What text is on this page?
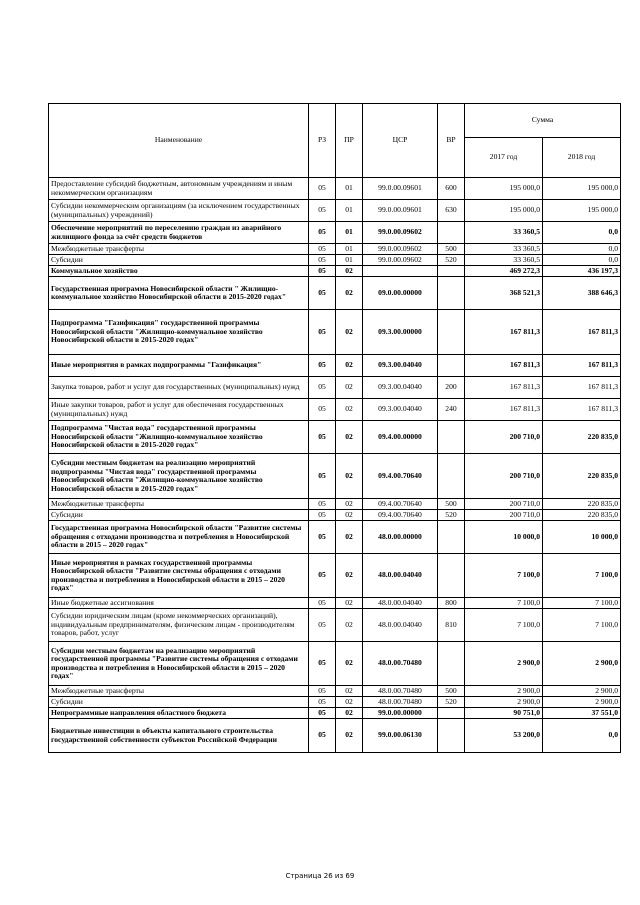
Наименование	РЗ	ПР	ЦСР	ВР	Сумма	
					2017 год	2018 год
Предоставление субсидий бюджетным, автономным учреждениям и иным некоммерческим организациям	05	01	99.0.00.09601	600	195 000,0	195 000,0
Субсидии некоммерческим организациям (за исключением государственных (муниципальных) учреждений)	05	01	99.0.00.09601	630	195 000,0	195 000,0
Обеспечение мероприятий по переселению граждан из аварийного жилищного фонда за счёт средств бюджетов	05	01	99.0.00.09602		33 360,5	0,0
Межбюджетные трансферты	05	01	99.0.00.09602	500	33 360,5	0,0
Субсидии	05	01	99.0.00.09602	520	33 360,5	0,0
Коммунальное хозяйство	05	02			469 272,3	436 197,3
Государственная программа Новосибирской области " Жилищно-коммунальное хозяйство Новосибирской области в 2015-2020 годах"	05	02	09.0.00.00000		368 521,3	388 646,3
Подпрограмма "Газификация" государственной программы Новосибирской области "Жилищно-коммунальное хозяйство Новосибирской области в 2015-2020 годах"	05	02	09.3.00.00000		167 811,3	167 811,3
Иные мероприятия в рамках подпрограммы "Газификация"	05	02	09.3.00.04040		167 811,3	167 811,3
Закупка товаров, работ и услуг для государственных (муниципальных) нужд	05	02	09.3.00.04040	200	167 811,3	167 811,3
Иные закупки товаров, работ и услуг для обеспечения государственных (муниципальных) нужд	05	02	09.3.00.04040	240	167 811,3	167 811,3
Подпрограмма "Чистая вода" государственной программы Новосибирской области "Жилищно-коммунальное хозяйство Новосибирской области в 2015-2020 годах"	05	02	09.4.00.00000		200 710,0	220 835,0
Субсидии местным бюджетам на реализацию мероприятий подпрограммы "Чистая вода" государственной программы Новосибирской области "Жилищно-коммунальное хозяйство Новосибирской области в 2015-2020 годах"	05	02	09.4.00.70640		200 710,0	220 835,0
Межбюджетные трансферты	05	02	09.4.00.70640	500	200 710,0	220 835,0
Субсидии	05	02	09.4.00.70640	520	200 710,0	220 835,0
Государственная программа Новосибирской области "Развитие системы обращения с отходами производства и потребления в Новосибирской области в 2015 – 2020 годах"	05	02	48.0.00.00000		10 000,0	10 000,0
Иные мероприятия в рамках государственной программы Новосибирской области "Развитие системы обращения с отходами производства и потребления в Новосибирской области в 2015 – 2020 годах"	05	02	48.0.00.04040		7 100,0	7 100,0
Иные бюджетные ассигнования	05	02	48.0.00.04040	800	7 100,0	7 100,0
Субсидии юридическим лицам (кроме некоммерческих организаций), индивидуальным предпринимателям, физическим лицам - производителям товаров, работ, услуг	05	02	48.0.00.04040	810	7 100,0	7 100,0
Субсидии местным бюджетам на реализацию мероприятий государственной программы "Развитие системы обращения с отходами производства и потребления в Новосибирской области в 2015 – 2020 годах"	05	02	48.0.00.70480		2 900,0	2 900,0
Межбюджетные трансферты	05	02	48.0.00.70480	500	2 900,0	2 900,0
Субсидии	05	02	48.0.00.70480	520	2 900,0	2 900,0
Непрограммные направления областного бюджета	05	02	99.0.00.00000		90 751,0	37 551,0
Бюджетные инвестиции в объекты капитального строительства государственной собственности субъектов Российской Федерации	05	02	99.0.00.06130		53 200,0	0,0
Страница 26 из 69
